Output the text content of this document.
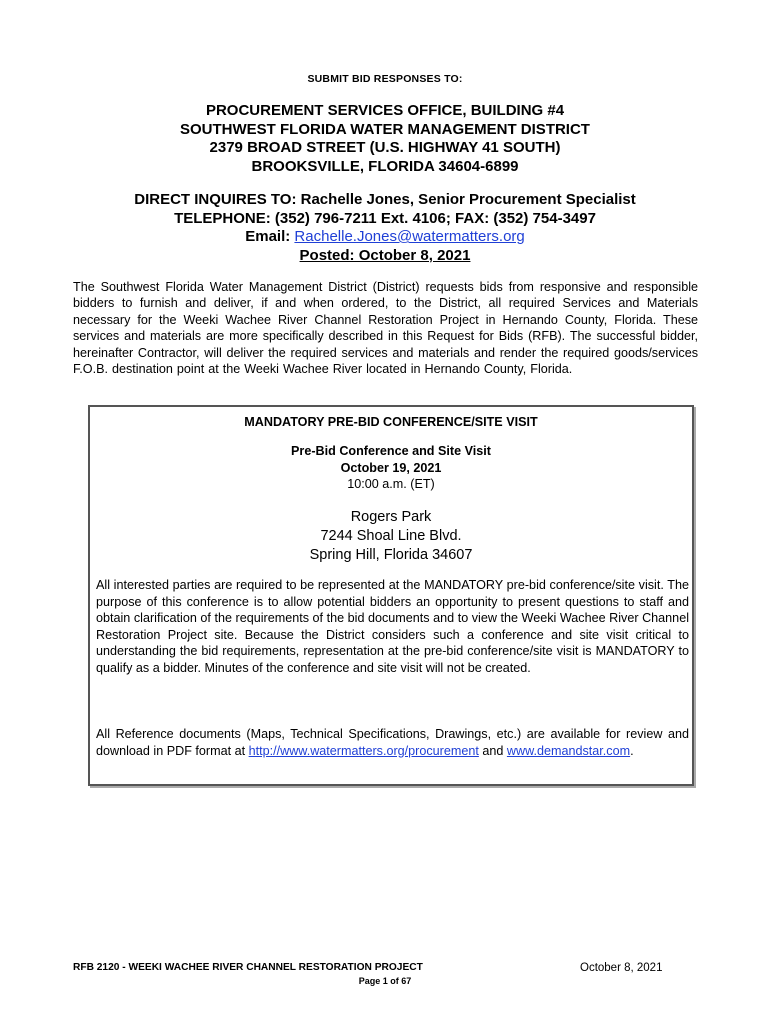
SUBMIT BID RESPONSES TO:
PROCUREMENT SERVICES OFFICE, BUILDING #4
SOUTHWEST FLORIDA WATER MANAGEMENT DISTRICT
2379 BROAD STREET (U.S. HIGHWAY 41 SOUTH)
BROOKSVILLE, FLORIDA 34604-6899
DIRECT INQUIRES TO: Rachelle Jones, Senior Procurement Specialist
TELEPHONE: (352) 796-7211 Ext. 4106; FAX: (352) 754-3497
Email: Rachelle.Jones@watermatters.org
Posted: October 8, 2021
The Southwest Florida Water Management District (District) requests bids from responsive and responsible bidders to furnish and deliver, if and when ordered, to the District, all required Services and Materials necessary for the Weeki Wachee River Channel Restoration Project in Hernando County, Florida. These services and materials are more specifically described in this Request for Bids (RFB). The successful bidder, hereinafter Contractor, will deliver the required services and materials and render the required goods/services F.O.B. destination point at the Weeki Wachee River located in Hernando County, Florida.
MANDATORY PRE-BID CONFERENCE/SITE VISIT
Pre-Bid Conference and Site Visit
October 19, 2021
10:00 a.m. (ET)
Rogers Park
7244 Shoal Line Blvd.
Spring Hill, Florida 34607
All interested parties are required to be represented at the MANDATORY pre-bid conference/site visit. The purpose of this conference is to allow potential bidders an opportunity to present questions to staff and obtain clarification of the requirements of the bid documents and to view the Weeki Wachee River Channel Restoration Project site. Because the District considers such a conference and site visit critical to understanding the bid requirements, representation at the pre-bid conference/site visit is MANDATORY to qualify as a bidder. Minutes of the conference and site visit will not be created.
All Reference documents (Maps, Technical Specifications, Drawings, etc.) are available for review and download in PDF format at http://www.watermatters.org/procurement and www.demandstar.com.
RFB 2120 - WEEKI WACHEE RIVER CHANNEL RESTORATION PROJECT	October 8, 2021
Page 1 of 67
